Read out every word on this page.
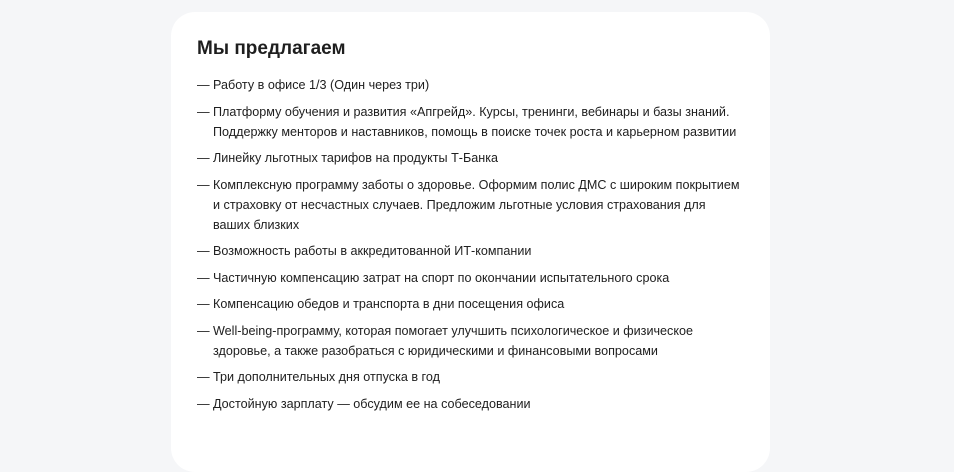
Мы предлагаем
— Работу в офисе 1/3 (Один через три)
— Платформу обучения и развития «Апгрейд». Курсы, тренинги, вебинары и базы знаний. Поддержку менторов и наставников, помощь в поиске точек роста и карьерном развитии
— Линейку льготных тарифов на продукты Т-Банка
— Комплексную программу заботы о здоровье. Оформим полис ДМС с широким покрытием и страховку от несчастных случаев. Предложим льготные условия страхования для ваших близких
— Возможность работы в аккредитованной ИТ-компании
— Частичную компенсацию затрат на спорт по окончании испытательного срока
— Компенсацию обедов и транспорта в дни посещения офиса
— Well-being-программу, которая помогает улучшить психологическое и физическое здоровье, а также разобраться с юридическими и финансовыми вопросами
— Три дополнительных дня отпуска в год
— Достойную зарплату — обсудим ее на собеседовании
